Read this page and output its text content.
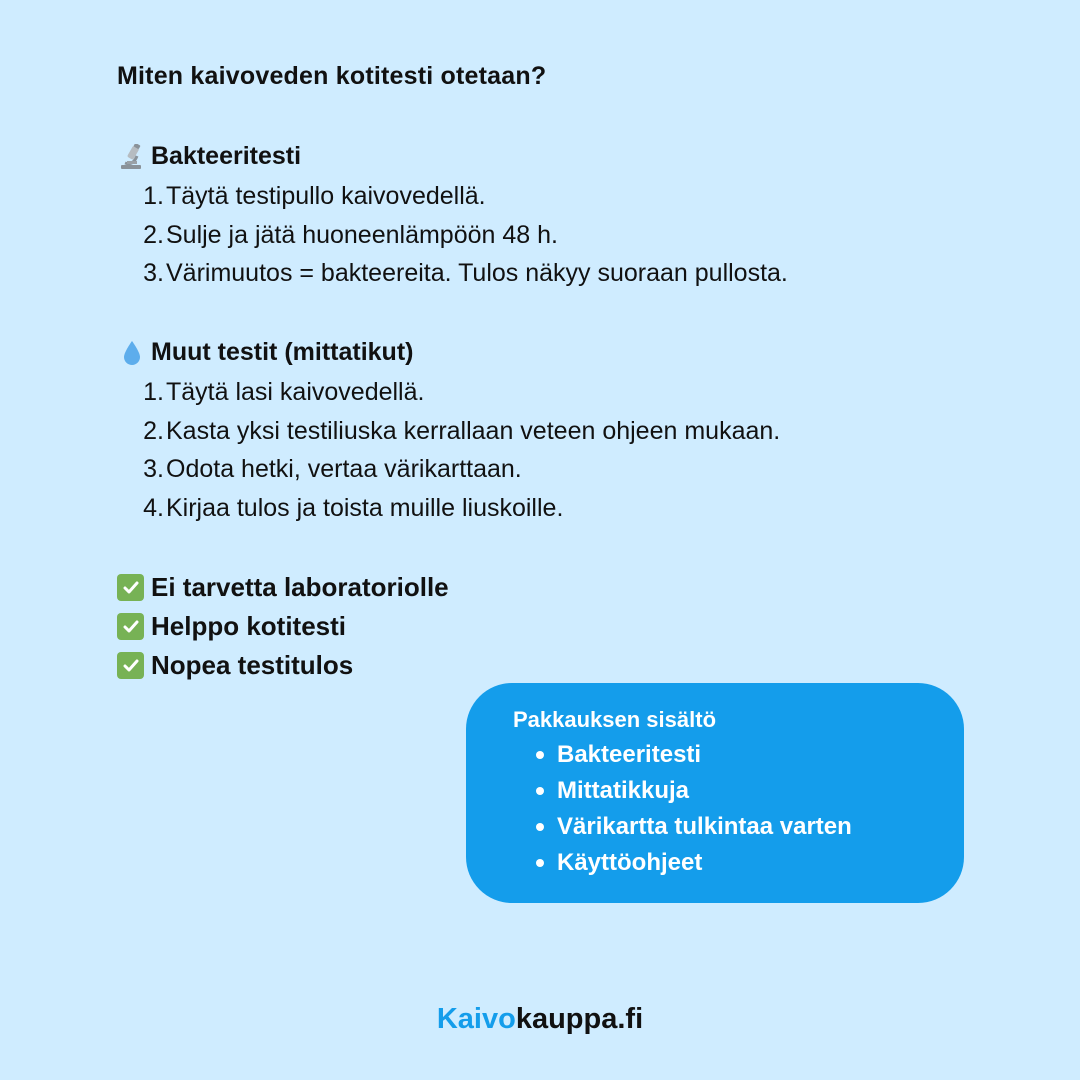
Miten kaivoveden kotitesti otetaan?
Bakteeritesti
1. Täytä testipullo kaivovedellä.
2. Sulje ja jätä huoneenlämpöön 48 h.
3. Värimuutos = bakteereita. Tulos näkyy suoraan pullosta.
Muut testit (mittatikut)
1. Täytä lasi kaivovedellä.
2. Kasta yksi testiliuska kerrallaan veteen ohjeen mukaan.
3. Odota hetki, vertaa värikarttaan.
4. Kirjaa tulos ja toista muille liuskoille.
Ei tarvetta laboratoriolle
Helppo kotitesti
Nopea testitulos
Pakkauksen sisältö
Bakteeritesti
Mittatikkuja
Värikartta tulkintaa varten
Käyttöohjeet
Kaivokauppa.fi
